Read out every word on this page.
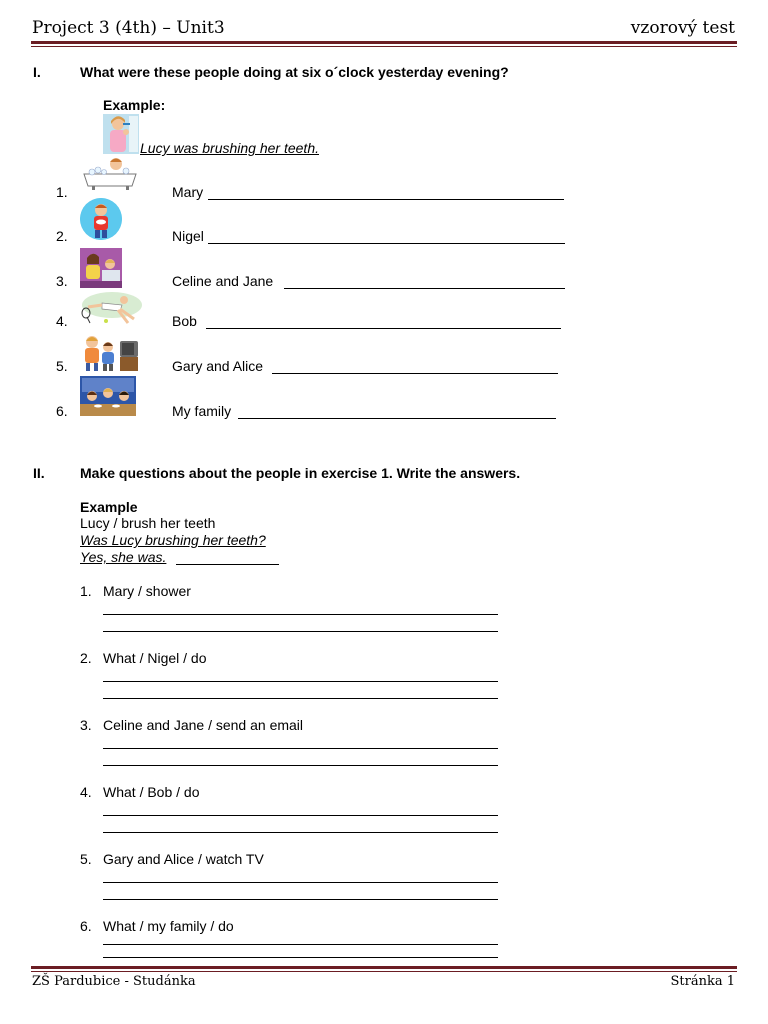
Project 3 (4th) – Unit3	vzorový test
I.	What were these people doing at six o´clock yesterday evening?
Example:
Lucy was brushing her teeth.
1.	Mary
2.	Nigel
3.	Celine and Jane
4.	Bob
5.	Gary and Alice
6.	My family
II.	Make questions about the people in exercise 1. Write the answers.
Example
Lucy / brush her teeth
Was Lucy brushing her teeth?
Yes, she was.
1. Mary / shower
2. What / Nigel / do
3. Celine and Jane / send an email
4. What / Bob / do
5. Gary and Alice / watch TV
6. What / my family / do
ZŠ Pardubice - Studánka	Stránka 1
